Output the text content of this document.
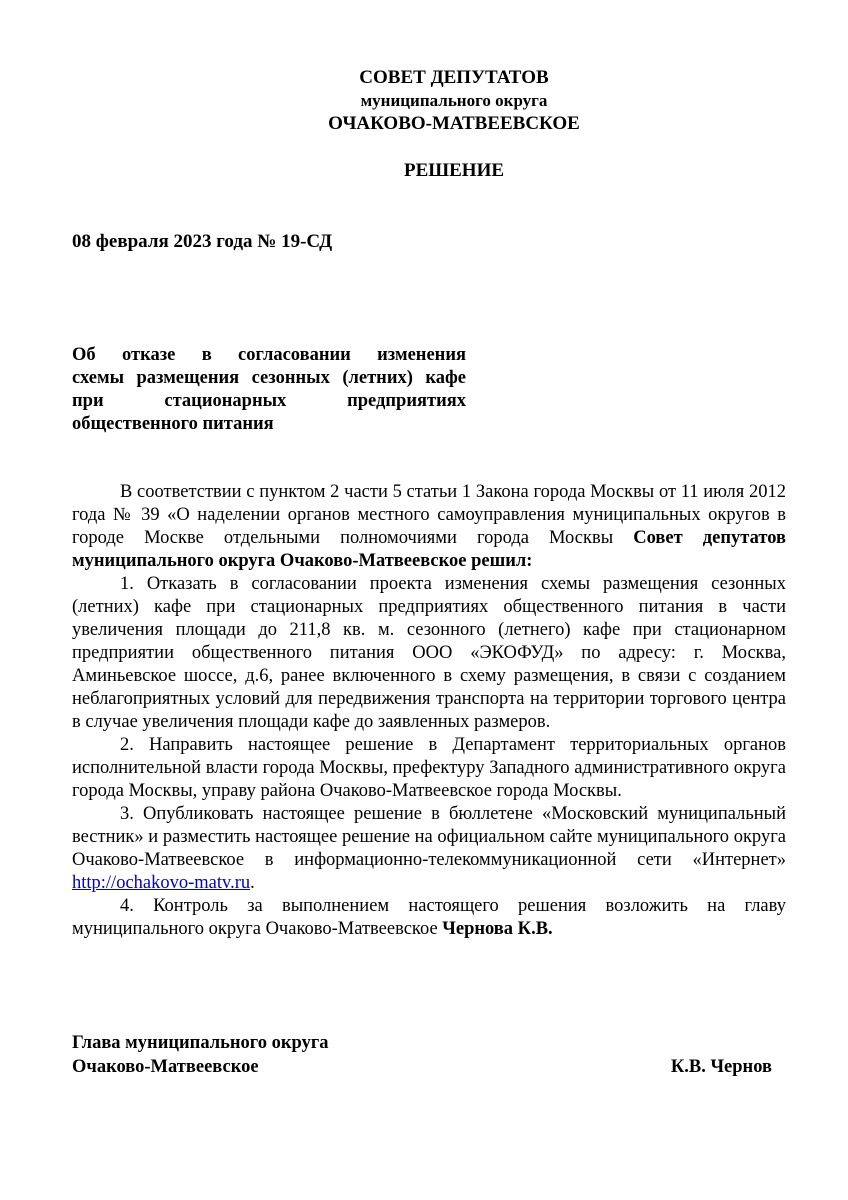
СОВЕТ ДЕПУТАТОВ
муниципального округа
ОЧАКОВО-МАТВЕЕВСКОЕ
РЕШЕНИЕ
08 февраля 2023 года № 19-СД
Об отказе в согласовании изменения
схемы размещения сезонных (летних) кафе
при стационарных предприятиях
общественного питания

В соответствии с пунктом 2 части 5 статьи 1 Закона города Москвы от 11 июля 2012 года № 39 «О наделении органов местного самоуправления муниципальных округов в городе Москве отдельными полномочиями города Москвы Совет депутатов муниципального округа Очаково-Матвеевское решил:

1. Отказать в согласовании проекта изменения схемы размещения сезонных (летних) кафе при стационарных предприятиях общественного питания в части увеличения площади до 211,8 кв. м. сезонного (летнего) кафе при стационарном предприятии общественного питания ООО «ЭКОФУД» по адресу: г. Москва, Аминьевское шоссе, д.6, ранее включенного в схему размещения, в связи с созданием неблагоприятных условий для передвижения транспорта на территории торгового центра в случае увеличения площади кафе до заявленных размеров.

2. Направить настоящее решение в Департамент территориальных органов исполнительной власти города Москвы, префектуру Западного административного округа города Москвы, управу района Очаково-Матвеевское города Москвы.

3. Опубликовать настоящее решение в бюллетене «Московский муниципальный вестник» и разместить настоящее решение на официальном сайте муниципального округа Очаково-Матвеевское в информационно-телекоммуникационной сети «Интернет» http://ochakovo-matv.ru.

4. Контроль за выполнением настоящего решения возложить на главу муниципального округа Очаково-Матвеевское Чернова К.В.

Глава муниципального округа
Очаково-Матвеевское	К.В. Чернов
